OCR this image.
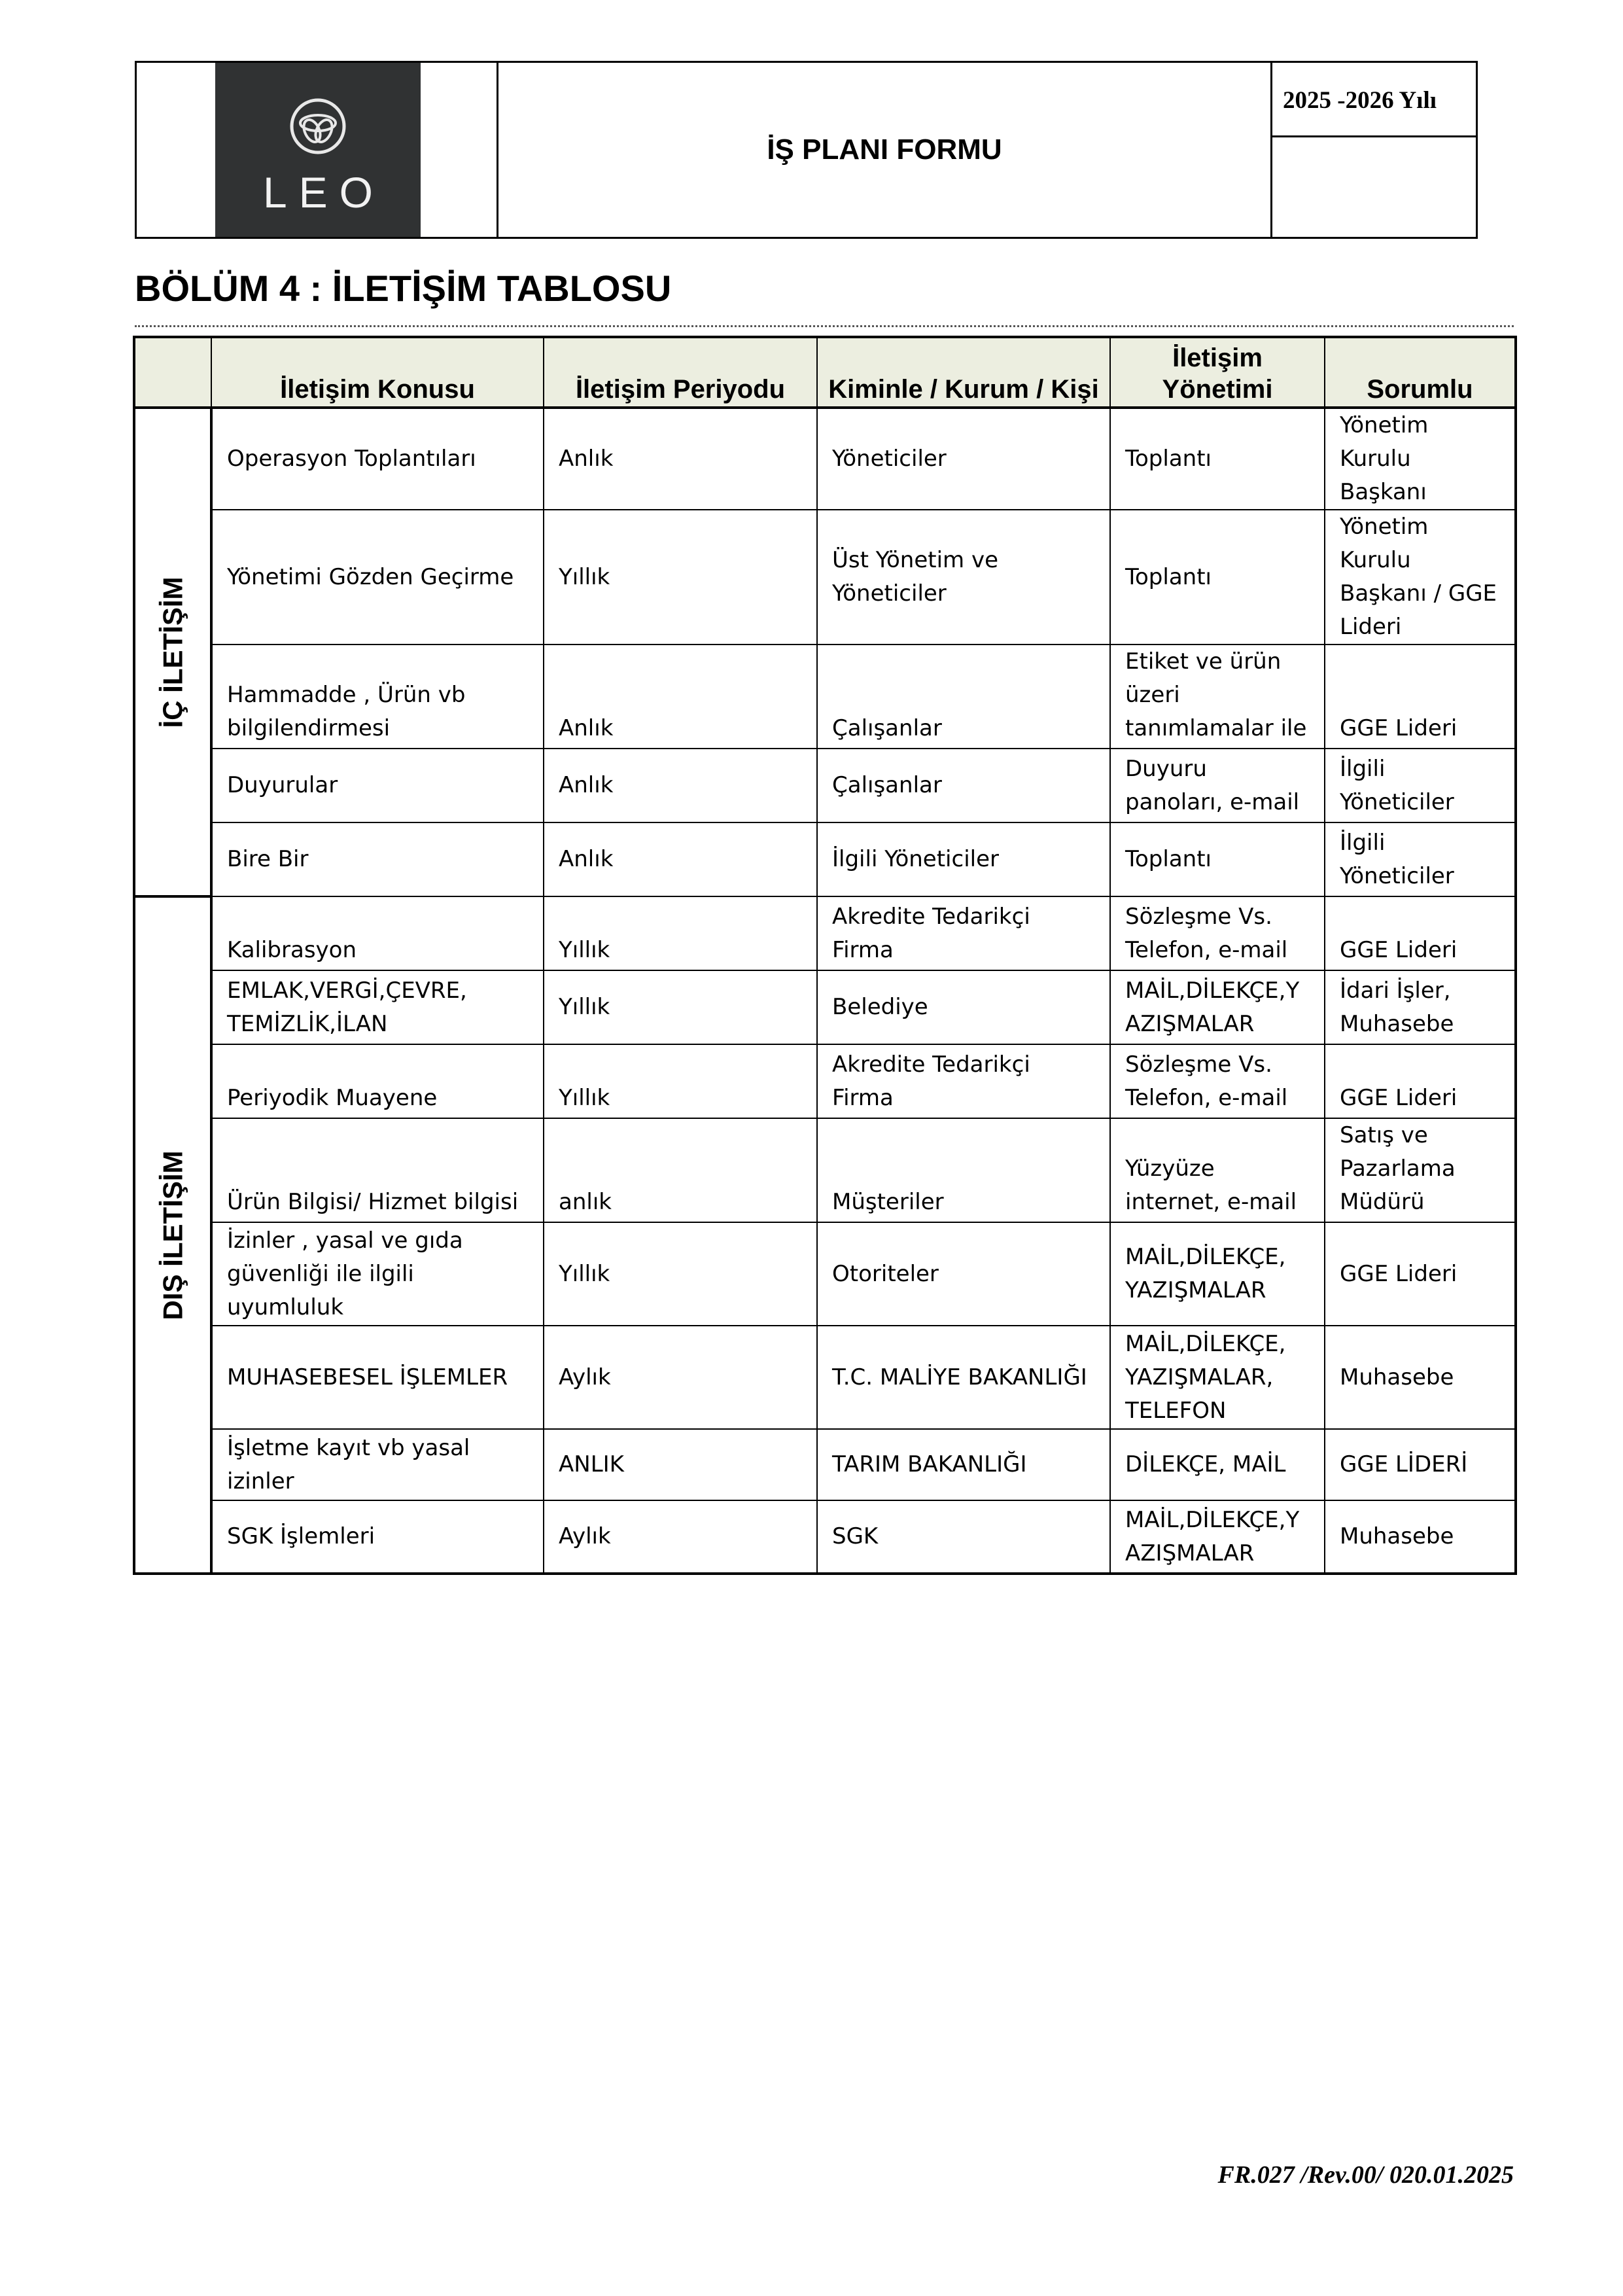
LEO
İŞ PLANI FORMU
2025 -2026 Yılı
BÖLÜM 4 : İLETİŞİM TABLOSU
	İletişim Konusu	İletişim Periyodu	Kiminle / Kurum / Kişi	İletişim Yönetimi	Sorumlu

İÇ İLETİŞİM	Operasyon Toplantıları	Anlık	Yöneticiler	Toplantı	Yönetim Kurulu Başkanı
	Yönetimi Gözden Geçirme	Yıllık	Üst Yönetim ve Yöneticiler	Toplantı	Yönetim Kurulu Başkanı / GGE Lideri
	Hammadde , Ürün vb bilgilendirmesi	Anlık	Çalışanlar	Etiket ve ürün üzeri tanımlamalar ile	GGE Lideri
	Duyurular	Anlık	Çalışanlar	Duyuru panoları, e-mail	İlgili Yöneticiler
	Bire Bir	Anlık	İlgili Yöneticiler	Toplantı	İlgili Yöneticiler

DIŞ İLETİŞİM	Kalibrasyon	Yıllık	Akredite Tedarikçi Firma	Sözleşme Vs. Telefon, e-mail	GGE Lideri
	EMLAK,VERGİ,ÇEVRE, TEMİZLİK,İLAN	Yıllık	Belediye	MAİL,DİLEKÇE,Y AZIŞMALAR	İdari İşler, Muhasebe
	Periyodik Muayene	Yıllık	Akredite Tedarikçi Firma	Sözleşme Vs. Telefon, e-mail	GGE Lideri
	Ürün Bilgisi/ Hizmet bilgisi	anlık	Müşteriler	Yüzyüze internet, e-mail	Satış ve Pazarlama Müdürü
	İzinler , yasal ve gıda güvenliği ile ilgili uyumluluk	Yıllık	Otoriteler	MAİL,DİLEKÇE, YAZIŞMALAR	GGE Lideri
	MUHASEBESEL İŞLEMLER	Aylık	T.C. MALİYE BAKANLIĞI	MAİL,DİLEKÇE, YAZIŞMALAR, TELEFON	Muhasebe
	İşletme kayıt vb yasal izinler	ANLIK	TARIM BAKANLIĞI	DİLEKÇE, MAİL	GGE LİDERİ
	SGK İşlemleri	Aylık	SGK	MAİL,DİLEKÇE,Y AZIŞMALAR	Muhasebe
FR.027 /Rev.00/ 020.01.2025
